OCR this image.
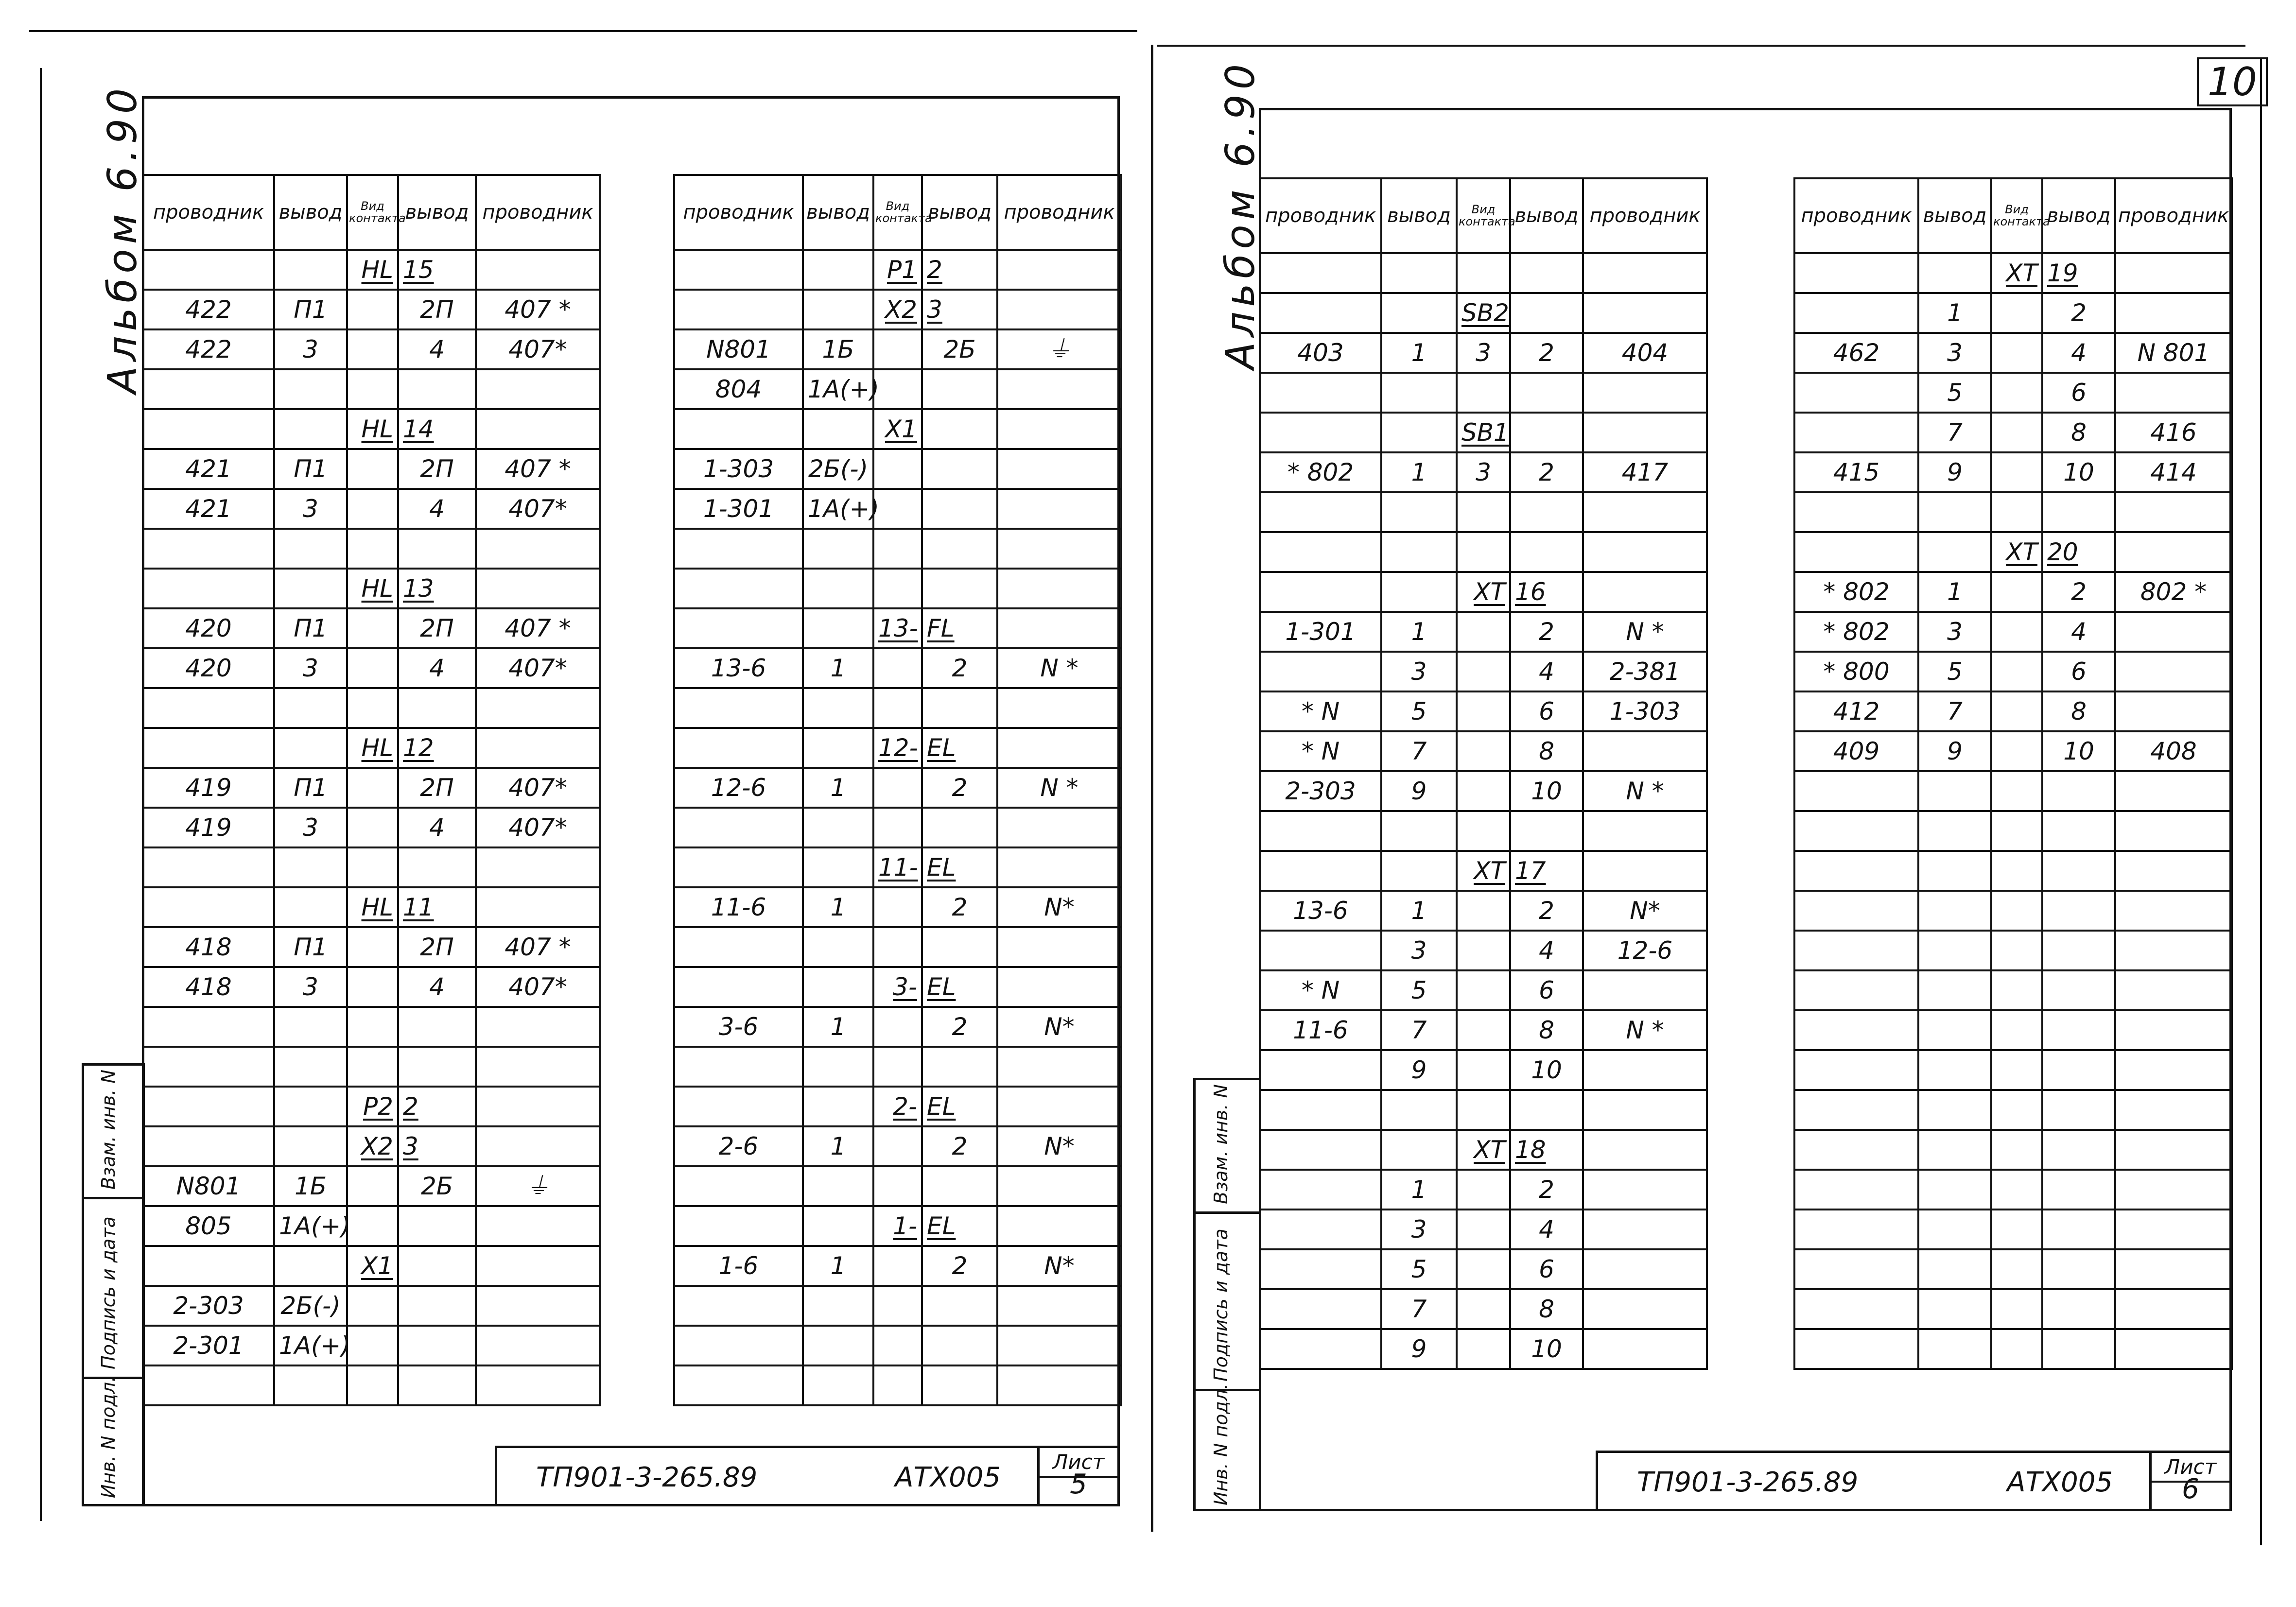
Альбом 6.90
Инв. N подл.
Подпись и дата
Взам. инв. N
проводник	вывод	Вид контакта	вывод	проводник
		HL	15	
422	П1		2П	407 *
422	3		4	407*

		HL	14	
421	П1		2П	407 *
421	3		4	407*

		HL	13	
420	П1		2П	407 *
420	3		4	407*

		HL	12	
419	П1		2П	407*
419	3		4	407*

		HL	11	
418	П1		2П	407 *
418	3		4	407*

		P2	2	
		X2	3	
N801	1Б		2Б	⏚
805	1А(+)			
		X1		
2-303	2Б(-)			
2-301	1А(+)			

проводник	вывод	Вид контакта	вывод	проводник
		P1	2	
		X2	3	
N801	1Б		2Б	⏚
804	1А(+)			
		X1		
1-303	2Б(-)			
1-301	1А(+)			

		13-	FL	
13-6	1		2	N *

		12-	EL	
12-6	1		2	N *

		11-	EL	
11-6	1		2	N*

		3-	EL	
3-6	1		2	N*

		2-	EL	
2-6	1		2	N*

		1-	EL	
1-6	1		2	N*

ТП901-3-265.89	АТХ005	Лист
5
10
Альбом 6.90
Инв. N подл.
Подпись и дата
Взам. инв. N
проводник	вывод	Вид контакта	вывод	проводник

		SB2		
403	1	3	2	404

		SB1		
* 802	1	3	2	417

		XT	16	
1-301	1		2	N *
	3		4	2-381
* N	5		6	1-303
* N	7		8	
2-303	9		10	N *

		XT	17	
13-6	1		2	N*
	3		4	12-6
* N	5		6	
11-6	7		8	N *
	9		10	

		XT	18	
	1		2	
	3		4	
	5		6	
	7		8	
	9		10	
проводник	вывод	Вид контакта	вывод	проводник
		XT	19	
	1		2	
462	3		4	N 801
	5		6	
	7		8	416
415	9		10	414

		XT	20	
* 802	1		2	802 *
* 802	3		4	
* 800	5		6	
412	7		8	
409	9		10	408

ТП901-3-265.89	АТХ005	Лист
6
